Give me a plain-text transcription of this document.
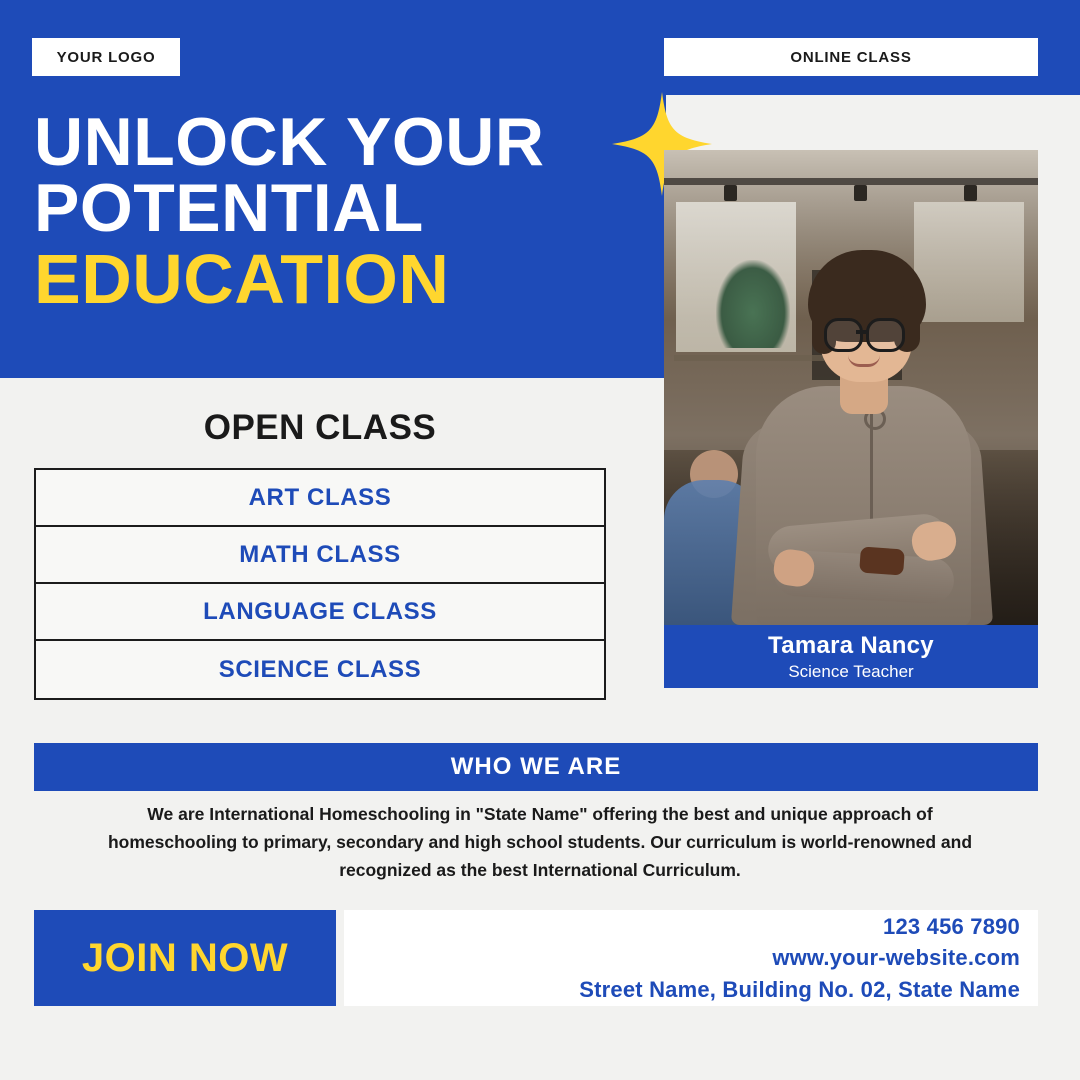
YOUR LOGO	ONLINE CLASS
UNLOCK YOUR
POTENTIAL
EDUCATION
Tamara Nancy
Science Teacher
OPEN CLASS
ART CLASS
MATH CLASS
LANGUAGE CLASS
SCIENCE CLASS
WHO WE ARE
We are International Homeschooling in "State Name" offering the best and unique approach of homeschooling to primary, secondary and high school students. Our curriculum is world-renowned and recognized as the best International Curriculum.
JOIN NOW
123 456 7890
www.your-website.com
Street Name, Building No. 02, State Name
